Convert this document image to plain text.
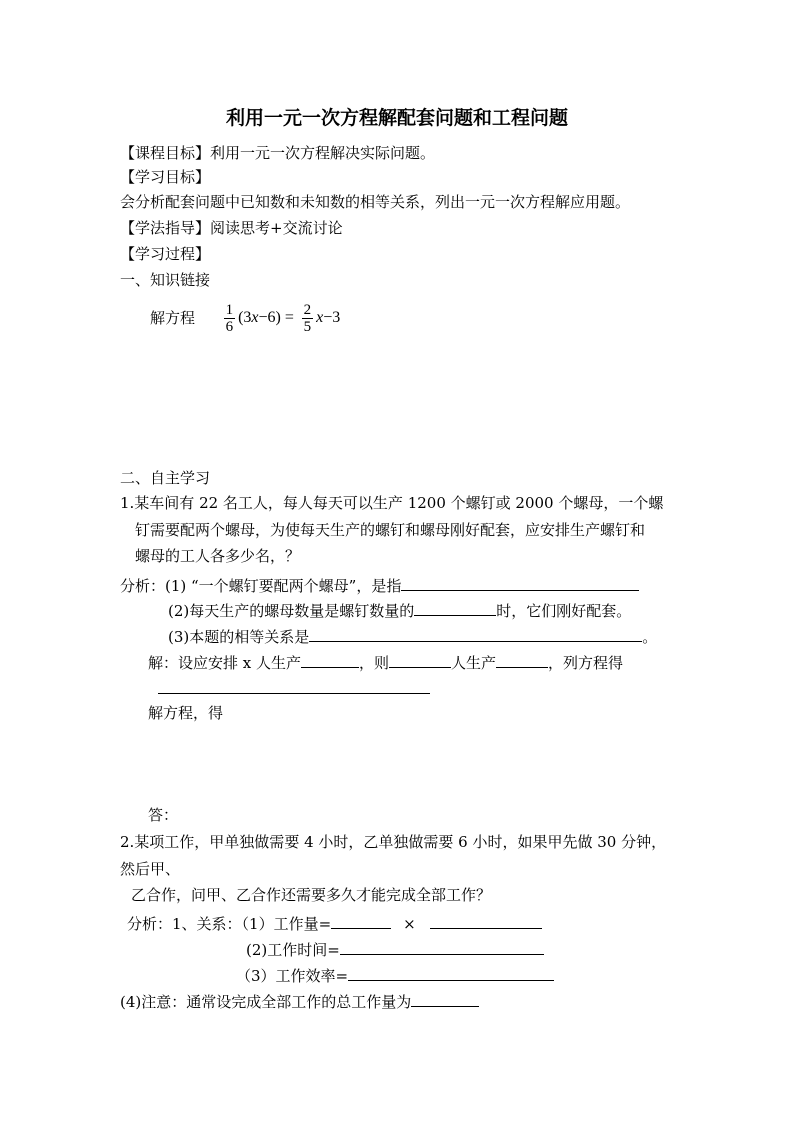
利用一元一次方程解配套问题和工程问题
【课程目标】利用一元一次方程解决实际问题。
【学习目标】
会分析配套问题中已知数和未知数的相等关系，列出一元一次方程解应用题。
【学法指导】阅读思考+交流讨论
【学习过程】
一、知识链接
解方程 $\frac{1}{6} (3x-6) = \frac{2}{5} x-3$
二、自主学习
1.某车间有 22 名工人，每人每天可以生产 1200 个螺钉或 2000 个螺母，一个螺
钉需要配两个螺母，为使每天生产的螺钉和螺母刚好配套，应安排生产螺钉和
螺母的工人各多少名，？
分析：(1) “一个螺钉要配两个螺母”，是指
(2)每天生产的螺母数量是螺钉数量的	时，它们刚好配套。
(3)本题的相等关系是	。
解：设应安排 x 人生产	，则	人生产	，列方程得
解方程，得
答：
2.某项工作，甲单独做需要 4 小时，乙单独做需要 6 小时，如果甲先做 30 分钟，
然后甲、
乙合作，问甲、乙合作还需要多久才能完成全部工作？
分析：1、关系：（1）工作量=	×
(2)工作时间=
（3）工作效率=
(4)注意：通常设完成全部工作的总工作量为
